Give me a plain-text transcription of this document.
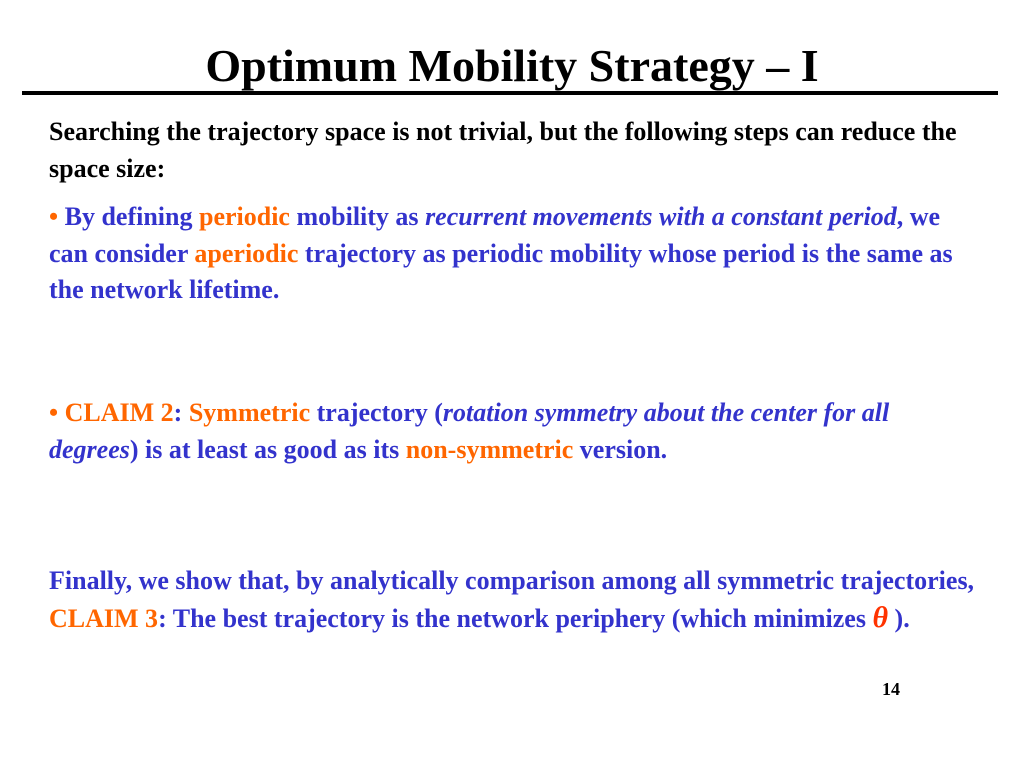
Optimum Mobility Strategy – I

Searching the trajectory space is not trivial, but the following steps can reduce the space size:

• By defining periodic mobility as recurrent movements with a constant period, we can consider aperiodic trajectory as periodic mobility whose period is the same as the network lifetime.

• CLAIM 2: Symmetric trajectory (rotation symmetry about the center for all degrees) is at least as good as its non-symmetric version.

Finally, we show that, by analytically comparison among all symmetric trajectories,
CLAIM 3: The best trajectory is the network periphery (which minimizes θ ).

14
